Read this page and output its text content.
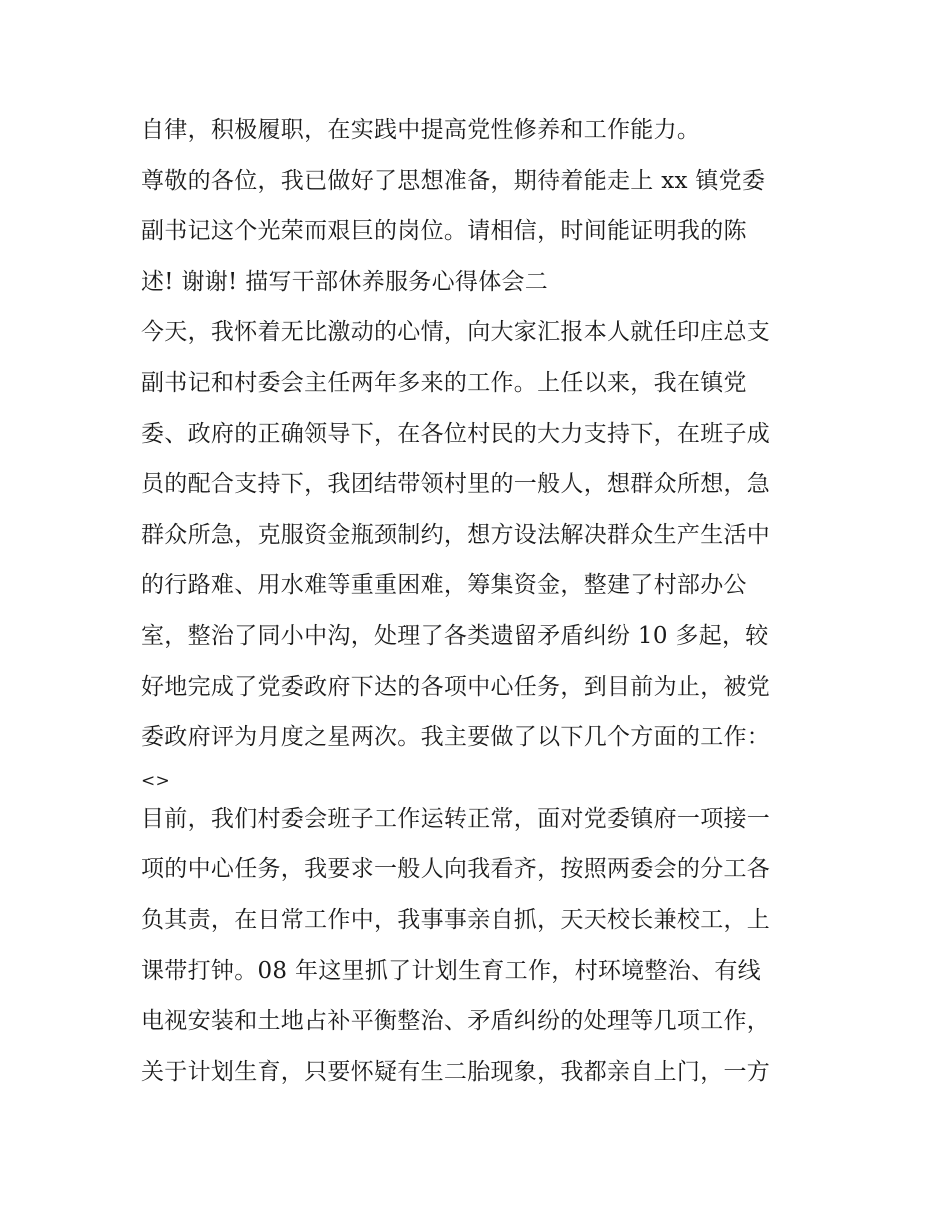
自律，积极履职，在实践中提高党性修养和工作能力。
尊敬的各位，我已做好了思想准备，期待着能走上 xx 镇党委
副书记这个光荣而艰巨的岗位。请相信，时间能证明我的陈
述! 谢谢! 描写干部休养服务心得体会二
今天，我怀着无比激动的心情，向大家汇报本人就任印庄总支
副书记和村委会主任两年多来的工作。上任以来，我在镇党
委、政府的正确领导下，在各位村民的大力支持下，在班子成
员的配合支持下，我团结带领村里的一般人，想群众所想，急
群众所急，克服资金瓶颈制约，想方设法解决群众生产生活中
的行路难、用水难等重重困难，筹集资金，整建了村部办公
室，整治了同小中沟，处理了各类遗留矛盾纠纷 10 多起，较
好地完成了党委政府下达的各项中心任务，到目前为止，被党
委政府评为月度之星两次。我主要做了以下几个方面的工作：
<>
目前，我们村委会班子工作运转正常，面对党委镇府一项接一
项的中心任务，我要求一般人向我看齐，按照两委会的分工各
负其责，在日常工作中，我事事亲自抓，天天校长兼校工，上
课带打钟。08 年这里抓了计划生育工作，村环境整治、有线
电视安装和土地占补平衡整治、矛盾纠纷的处理等几项工作，
关于计划生育，只要怀疑有生二胎现象，我都亲自上门，一方
